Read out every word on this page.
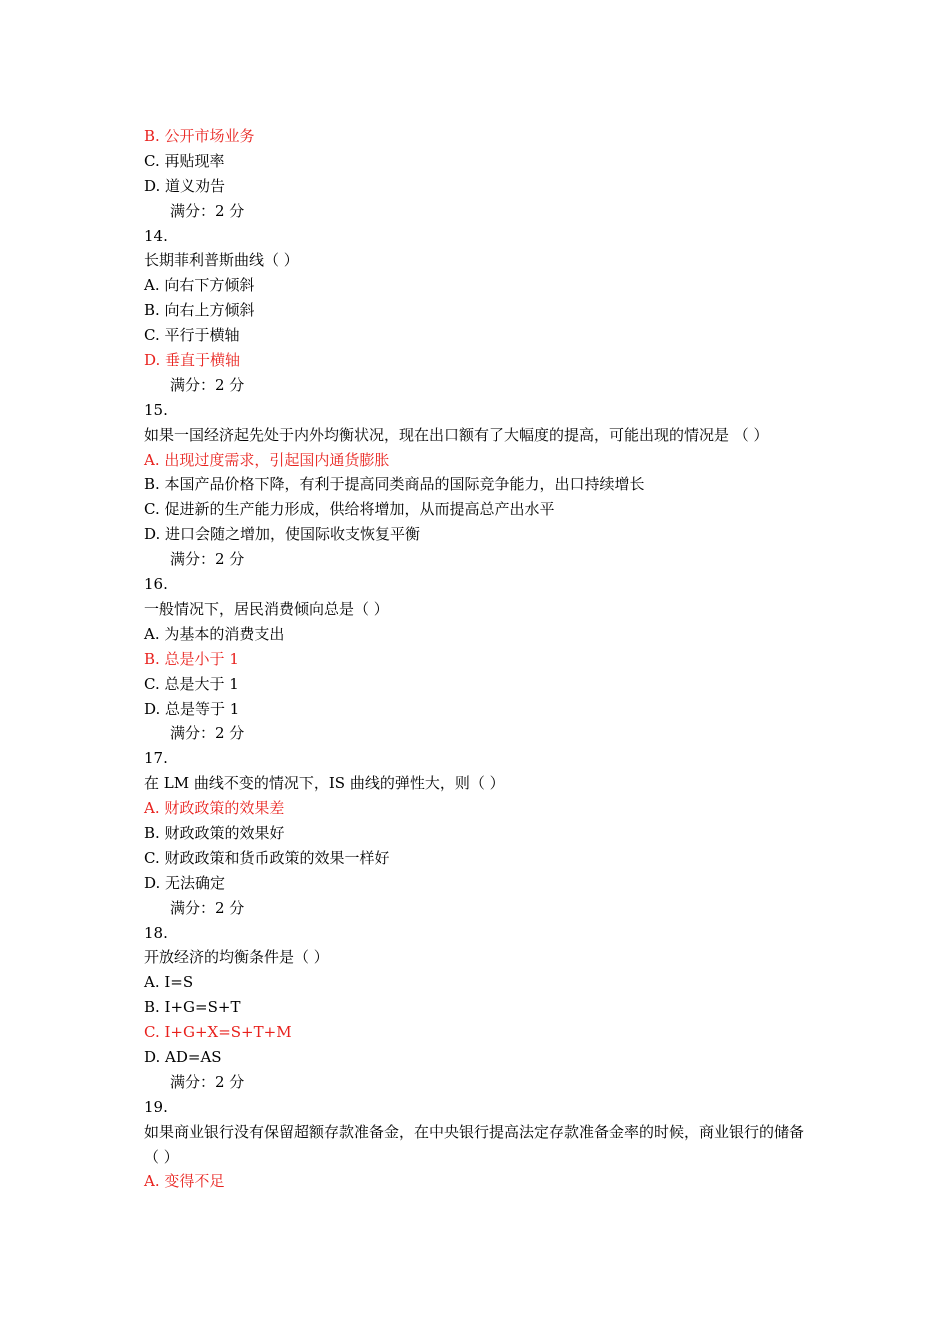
B. 公开市场业务

C. 再贴现率

D. 道义劝告

满分：2 分

14.

长期菲利普斯曲线（ ）

A. 向右下方倾斜

B. 向右上方倾斜

C. 平行于横轴

D. 垂直于横轴

满分：2 分

15.

如果一国经济起先处于内外均衡状况，现在出口额有了大幅度的提高，可能出现的情况是 （ ）

A. 出现过度需求，引起国内通货膨胀

B. 本国产品价格下降，有利于提高同类商品的国际竞争能力，出口持续增长

C. 促进新的生产能力形成，供给将增加，从而提高总产出水平

D. 进口会随之增加，使国际收支恢复平衡

满分：2 分

16.

一般情况下，居民消费倾向总是（ ）

A. 为基本的消费支出

B. 总是小于 1

C. 总是大于 1

D. 总是等于 1

满分：2 分

17.

在 LM 曲线不变的情况下，IS 曲线的弹性大，则（ ）

A. 财政政策的效果差

B. 财政政策的效果好

C. 财政政策和货币政策的效果一样好

D. 无法确定

满分：2 分

18.

开放经济的均衡条件是（ ）

A. I=S

B. I+G=S+T

C. I+G+X=S+T+M

D. AD=AS

满分：2 分

19.

如果商业银行没有保留超额存款准备金，在中央银行提高法定存款准备金率的时候，商业银行的储备（ ）

A. 变得不足
